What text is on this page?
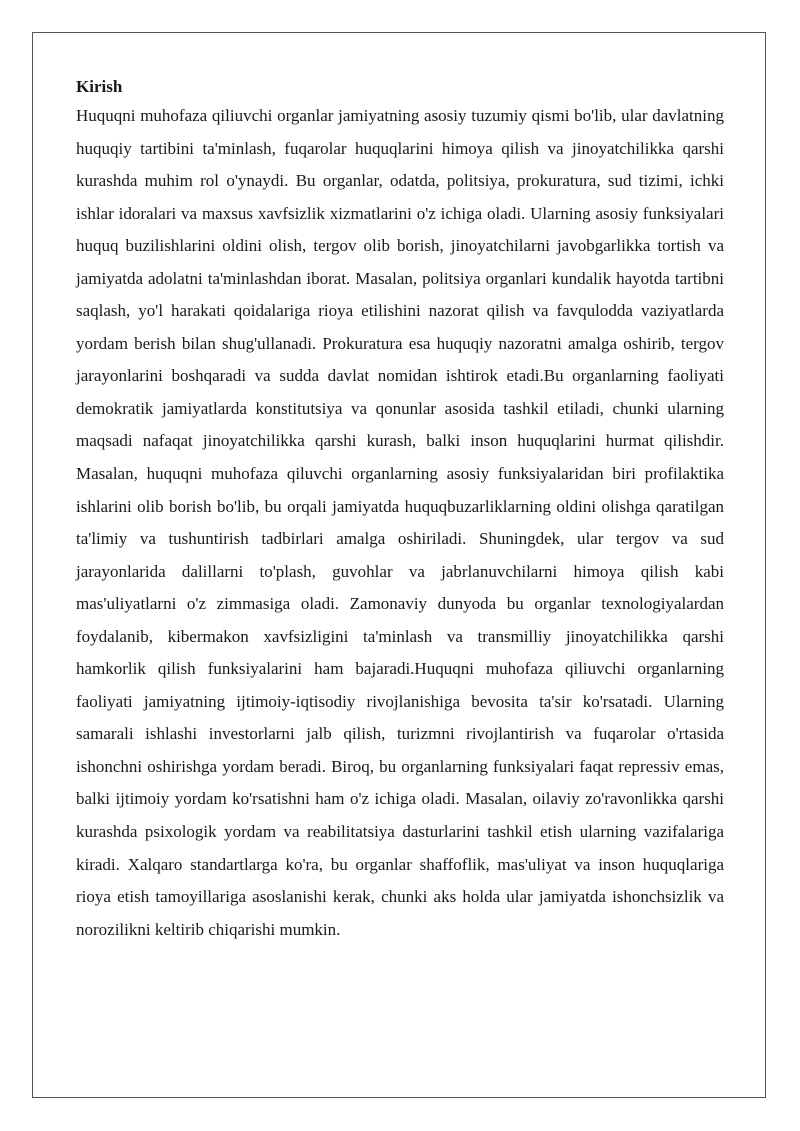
Kirish

Huquqni muhofaza qiliuvchi organlar jamiyatning asosiy tuzumiy qismi bo'lib, ular davlatning huquqiy tartibini ta'minlash, fuqarolar huquqlarini himoya qilish va jinoyatchilikka qarshi kurashda muhim rol o'ynaydi. Bu organlar, odatda, politsiya, prokuratura, sud tizimi, ichki ishlar idoralari va maxsus xavfsizlik xizmatlarini o'z ichiga oladi. Ularning asosiy funksiyalari huquq buzilishlarini oldini olish, tergov olib borish, jinoyatchilarni javobgarlikka tortish va jamiyatda adolatni ta'minlashdan iborat. Masalan, politsiya organlari kundalik hayotda tartibni saqlash, yo'l harakati qoidalariga rioya etilishini nazorat qilish va favqulodda vaziyatlarda yordam berish bilan shug'ullanadi. Prokuratura esa huquqiy nazoratni amalga oshirib, tergov jarayonlarini boshqaradi va sudda davlat nomidan ishtirok etadi.Bu organlarning faoliyati demokratik jamiyatlarda konstitutsiya va qonunlar asosida tashkil etiladi, chunki ularning maqsadi nafaqat jinoyatchilikka qarshi kurash, balki inson huquqlarini hurmat qilishdir. Masalan, huquqni muhofaza qiluvchi organlarning asosiy funksiyalaridan biri profilaktika ishlarini olib borish bo'lib, bu orqali jamiyatda huquqbuzarliklarning oldini olishga qaratilgan ta'limiy va tushuntirish tadbirlari amalga oshiriladi. Shuningdek, ular tergov va sud jarayonlarida dalillarni to'plash, guvohlar va jabrlanuvchilarni himoya qilish kabi mas'uliyatlarni o'z zimmasiga oladi. Zamonaviy dunyoda bu organlar texnologiyalardan foydalanib, kibermakon xavfsizligini ta'minlash va transmilliy jinoyatchilikka qarshi hamkorlik qilish funksiyalarini ham bajaradi.Huquqni muhofaza qiliuvchi organlarning faoliyati jamiyatning ijtimoiy-iqtisodiy rivojlanishiga bevosita ta'sir ko'rsatadi. Ularning samarali ishlashi investorlarni jalb qilish, turizmni rivojlantirish va fuqarolar o'rtasida ishonchni oshirishga yordam beradi. Biroq, bu organlarning funksiyalari faqat repressiv emas, balki ijtimoiy yordam ko'rsatishni ham o'z ichiga oladi. Masalan, oilaviy zo'ravonlikka qarshi kurashda psixologik yordam va reabilitatsiya dasturlarini tashkil etish ularning vazifalariga kiradi. Xalqaro standartlarga ko'ra, bu organlar shaffoflik, mas'uliyat va inson huquqlariga rioya etish tamoyillariga asoslanishi kerak, chunki aks holda ular jamiyatda ishonchsizlik va norozilikni keltirib chiqarishi mumkin.
